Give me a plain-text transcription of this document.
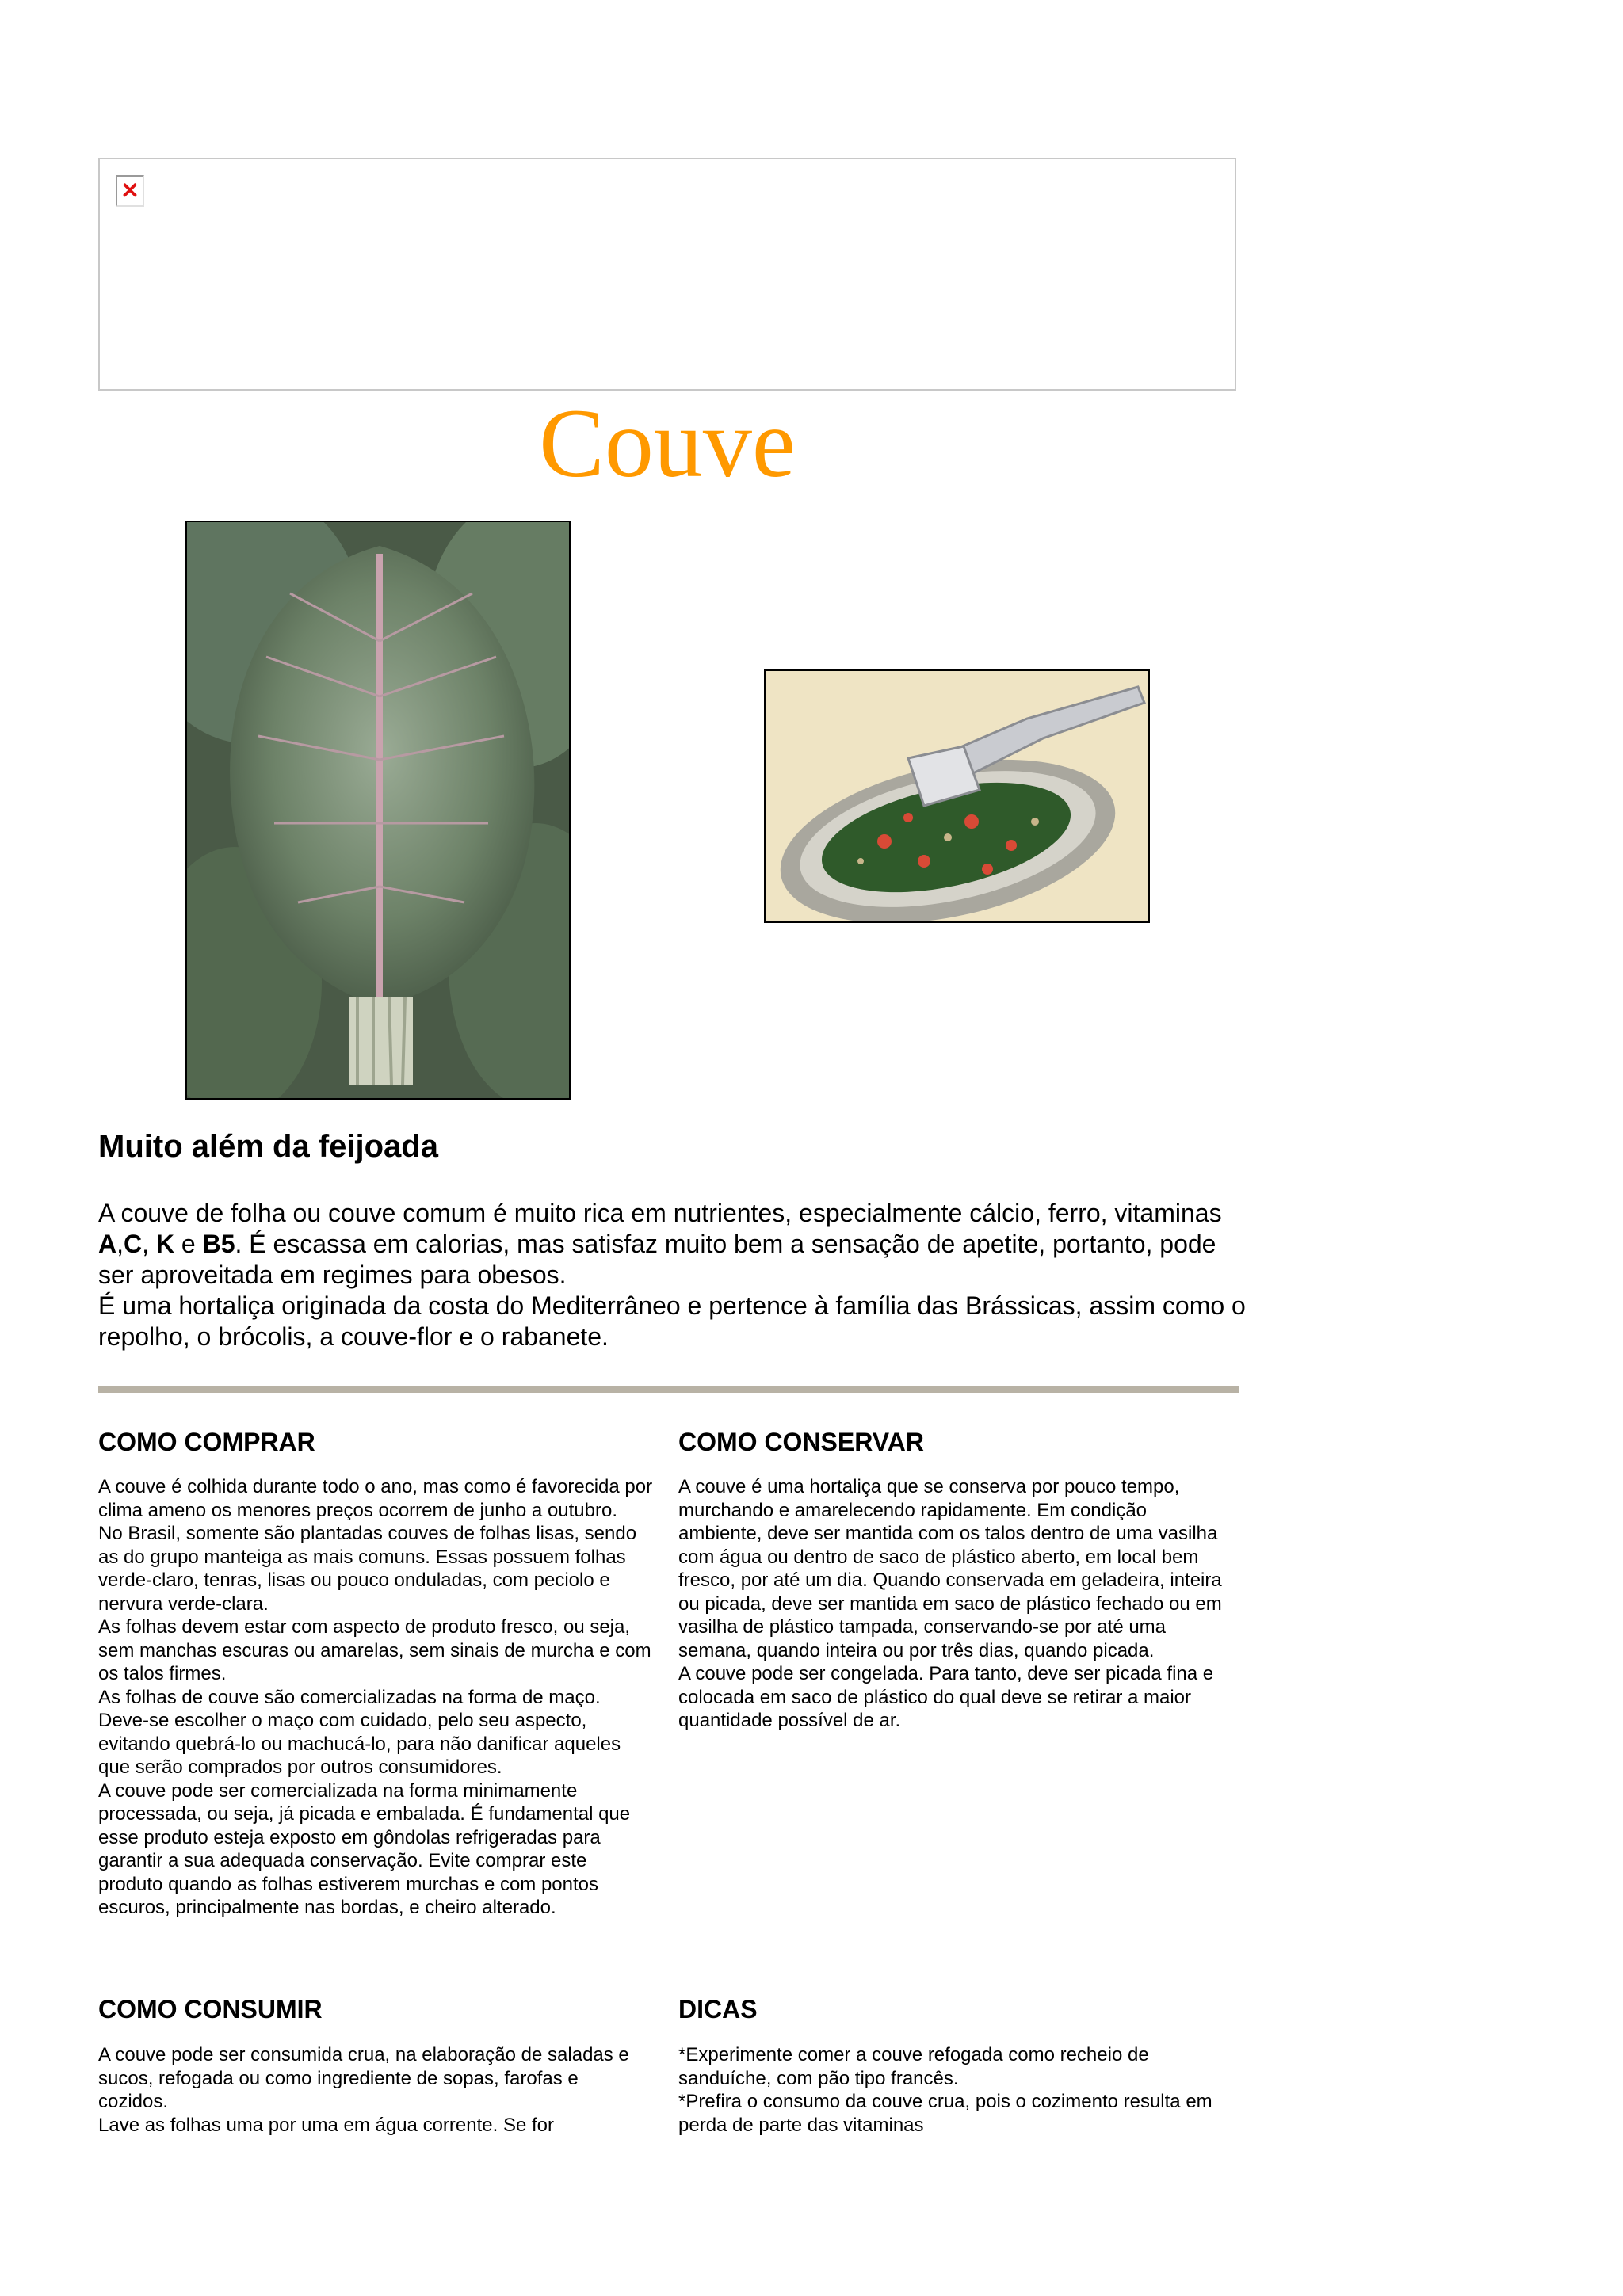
✕
Couve
Muito além da feijoada

A couve de folha ou couve comum é muito rica em nutrientes, especialmente cálcio, ferro, vitaminas A,C, K e B5. É escassa em calorias, mas satisfaz muito bem a sensação de apetite, portanto, pode ser aproveitada em regimes para obesos.

É uma hortaliça originada da costa do Mediterrâneo e pertence à família das Brássicas, assim como o repolho, o brócolis, a couve-flor e o rabanete.

COMO COMPRAR

A couve é colhida durante todo o ano, mas como é favorecida por clima ameno os menores preços ocorrem de junho a outubro.

No Brasil, somente são plantadas couves de folhas lisas, sendo as do grupo manteiga as mais comuns. Essas possuem folhas verde-claro, tenras, lisas ou pouco onduladas, com peciolo e nervura verde-clara.

As folhas devem estar com aspecto de produto fresco, ou seja, sem manchas escuras ou amarelas, sem sinais de murcha e com os talos firmes.

As folhas de couve são comercializadas na forma de maço. Deve-se escolher o maço com cuidado, pelo seu aspecto, evitando quebrá-lo ou machucá-lo, para não danificar aqueles que serão comprados por outros consumidores.

A couve pode ser comercializada na forma minimamente processada, ou seja, já picada e embalada. É fundamental que esse produto esteja exposto em gôndolas refrigeradas para garantir a sua adequada conservação. Evite comprar este produto quando as folhas estiverem murchas e com pontos escuros, principalmente nas bordas, e cheiro alterado.

COMO CONSERVAR

A couve é uma hortaliça que se conserva por pouco tempo, murchando e amarelecendo rapidamente. Em condição ambiente, deve ser mantida com os talos dentro de uma vasilha com água ou dentro de saco de plástico aberto, em local bem fresco, por até um dia. Quando conservada em geladeira, inteira ou picada, deve ser mantida em saco de plástico fechado ou em vasilha de plástico tampada, conservando-se por até uma semana, quando inteira ou por três dias, quando picada.

A couve pode ser congelada. Para tanto, deve ser picada fina e colocada em saco de plástico do qual deve se retirar a maior quantidade possível de ar.

COMO CONSUMIR

A couve pode ser consumida crua, na elaboração de saladas e sucos, refogada ou como ingrediente de sopas, farofas e cozidos.

Lave as folhas uma por uma em água corrente. Se for

DICAS

*Experimente comer a couve refogada como recheio de sanduíche, com pão tipo francês.

*Prefira o consumo da couve crua, pois o cozimento resulta em perda de parte das vitaminas
